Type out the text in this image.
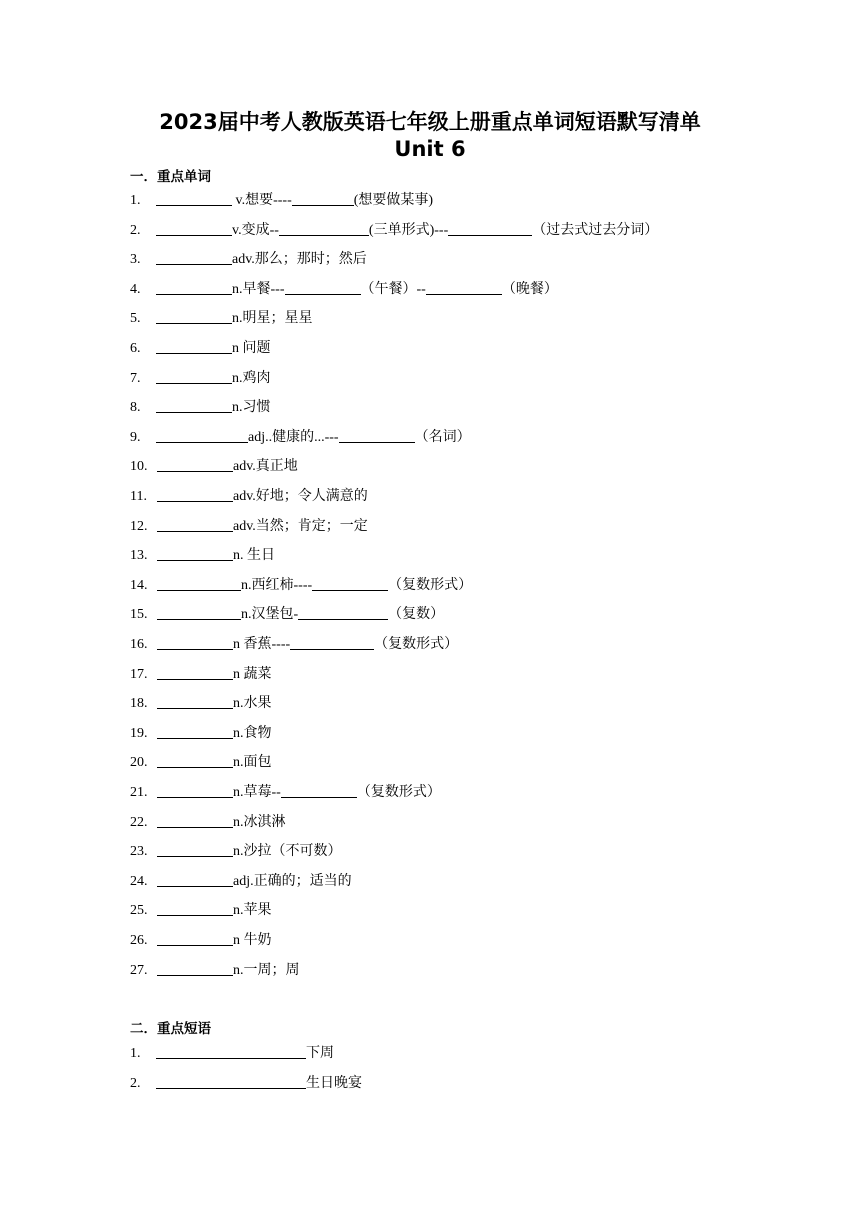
2023届中考人教版英语七年级上册重点单词短语默写清单
Unit 6
一．重点单词
1.	v.想要----	(想要做某事)
2.	v.变成--	(三单形式)---	（过去式过去分词）
3.	adv.那么；那时；然后
4.	n.早餐---	（午餐）--	（晚餐）
5.	n.明星；星星
6.	n 问题
7.	n.鸡肉
8.	n.习惯
9.	adj..健康的...---	（名词）
10.	adv.真正地
11.	adv.好地；令人满意的
12.	adv.当然；肯定；一定
13.	n. 生日
14.	n.西红柿----	（复数形式）
15.	n.汉堡包-	（复数）
16.	n 香蕉----	（复数形式）
17.	n 蔬菜
18.	n.水果
19.	n.食物
20.	n.面包
21.	n.草莓--	（复数形式）
22.	n.冰淇淋
23.	n.沙拉（不可数）
24.	adj.正确的；适当的
25.	n.苹果
26.	n 牛奶
27.	n.一周；周
二．重点短语
1.	下周
2.	生日晚宴
